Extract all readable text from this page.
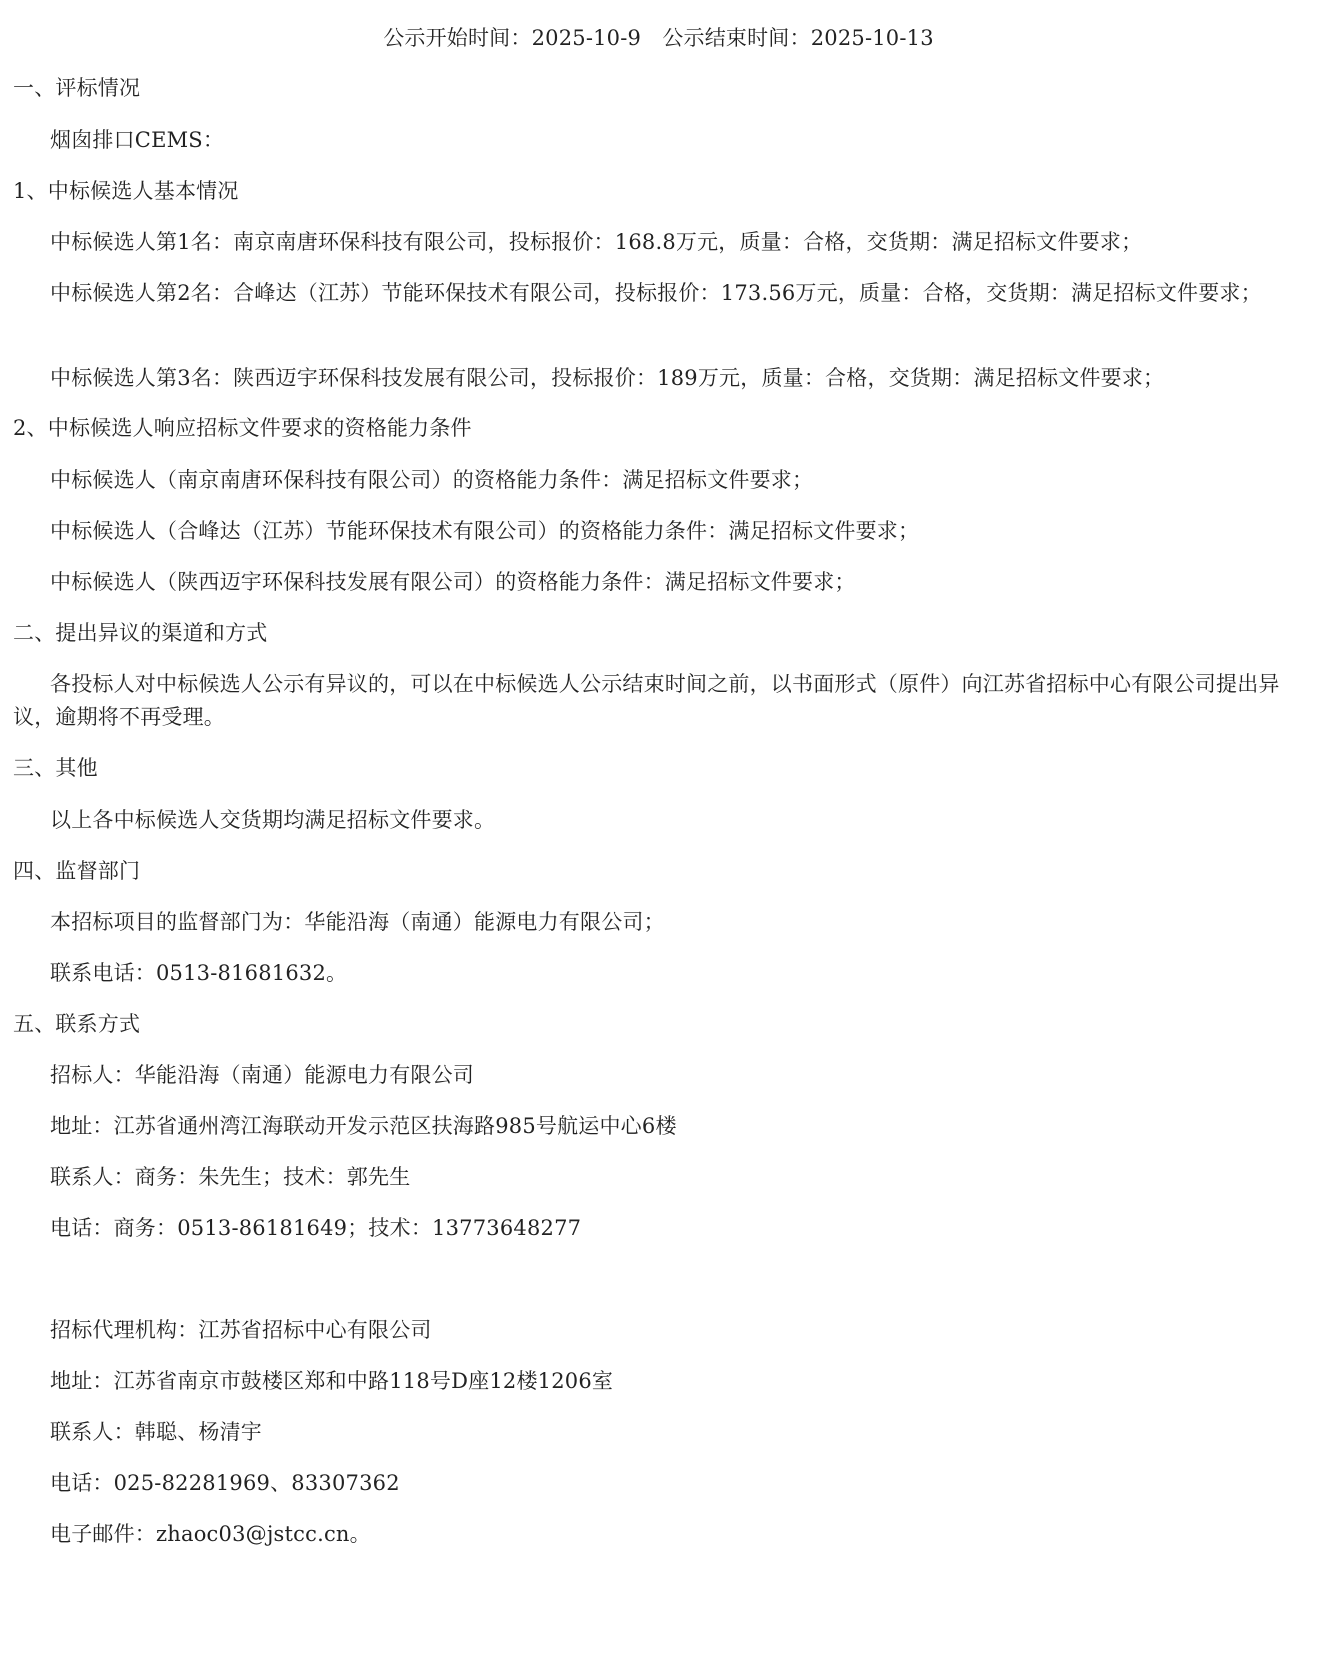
公示开始时间：2025-10-9　公示结束时间：2025-10-13
一、评标情况
烟囱排口CEMS：
1、中标候选人基本情况
中标候选人第1名：南京南唐环保科技有限公司，投标报价：168.8万元，质量：合格，交货期：满足招标文件要求；
中标候选人第2名：合峰达（江苏）节能环保技术有限公司，投标报价：173.56万元，质量：合格，交货期：满足招标文件要求；
中标候选人第3名：陕西迈宇环保科技发展有限公司，投标报价：189万元，质量：合格，交货期：满足招标文件要求；
2、中标候选人响应招标文件要求的资格能力条件
中标候选人（南京南唐环保科技有限公司）的资格能力条件：满足招标文件要求；
中标候选人（合峰达（江苏）节能环保技术有限公司）的资格能力条件：满足招标文件要求；
中标候选人（陕西迈宇环保科技发展有限公司）的资格能力条件：满足招标文件要求；
二、提出异议的渠道和方式
各投标人对中标候选人公示有异议的，可以在中标候选人公示结束时间之前，以书面形式（原件）向江苏省招标中心有限公司提出异议，逾期将不再受理。
三、其他
以上各中标候选人交货期均满足招标文件要求。
四、监督部门
本招标项目的监督部门为：华能沿海（南通）能源电力有限公司；
联系电话：0513-81681632。
五、联系方式
招标人：华能沿海（南通）能源电力有限公司
地址：江苏省通州湾江海联动开发示范区扶海路985号航运中心6楼
联系人：商务：朱先生；技术：郭先生
电话：商务：0513-86181649；技术：13773648277
招标代理机构：江苏省招标中心有限公司
地址：江苏省南京市鼓楼区郑和中路118号D座12楼1206室
联系人：韩聪、杨清宇
电话：025-82281969、83307362
电子邮件：zhaoc03@jstcc.cn。
